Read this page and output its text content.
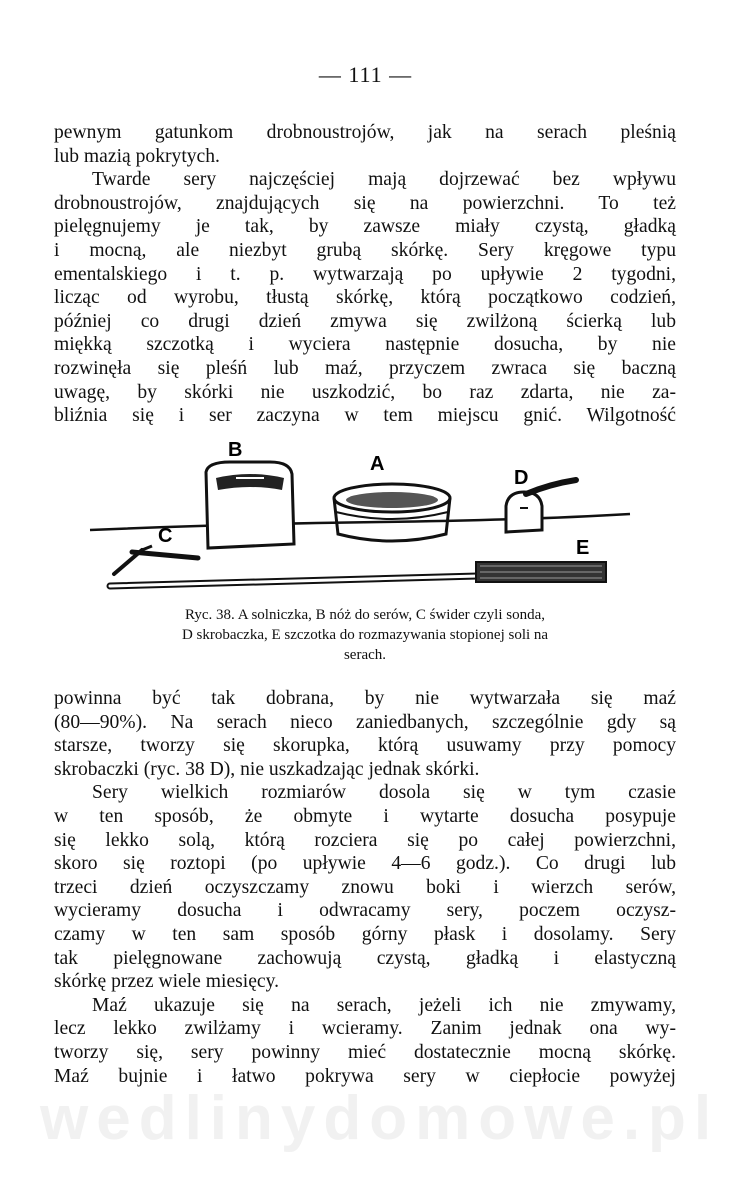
— 111 —
pewnym gatunkom drobnoustrojów, jak na serach pleśnią
lub mazią pokrytych.
Twarde sery najczęściej mają dojrzewać bez wpływu
drobnoustrojów, znajdujących się na powierzchni. To też
pielęgnujemy je tak, by zawsze miały czystą, gładką
i mocną, ale niezbyt grubą skórkę. Sery kręgowe typu
ementalskiego i t. p. wytwarzają po upływie 2 tygodni,
licząc od wyrobu, tłustą skórkę, którą początkowo codzień,
później co drugi dzień zmywa się zwilżoną ścierką lub
miękką szczotką i wyciera następnie dosucha, by nie
rozwinęła się pleśń lub maź, przyczem zwraca się baczną
uwagę, by skórki nie uszkodzić, bo raz zdarta, nie za-
bliźnia się i ser zaczyna w tem miejscu gnić. Wilgotność
B
A
D
C
E
Ryc. 38. A solniczka, B nóż do serów, C świder czyli sonda,
D skrobaczka, E szczotka do rozmazywania stopionej soli na
serach.
powinna być tak dobrana, by nie wytwarzała się maź
(80—90%). Na serach nieco zaniedbanych, szczególnie gdy są
starsze, tworzy się skorupka, którą usuwamy przy pomocy
skrobaczki (ryc. 38 D), nie uszkadzając jednak skórki.
Sery wielkich rozmiarów dosola się w tym czasie
w ten sposób, że obmyte i wytarte dosucha posypuje
się lekko solą, którą rozciera się po całej powierzchni,
skoro się roztopi (po upływie 4—6 godz.). Co drugi lub
trzeci dzień oczyszczamy znowu boki i wierzch serów,
wycieramy dosucha i odwracamy sery, poczem oczysz-
czamy w ten sam sposób górny płask i dosolamy. Sery
tak pielęgnowane zachowują czystą, gładką i elastyczną
skórkę przez wiele miesięcy.
Maź ukazuje się na serach, jeżeli ich nie zmywamy,
lecz lekko zwilżamy i wcieramy. Zanim jednak ona wy-
tworzy się, sery powinny mieć dostatecznie mocną skórkę.
Maź bujnie i łatwo pokrywa sery w ciepłocie powyżej
wedlinydomowe.pl
